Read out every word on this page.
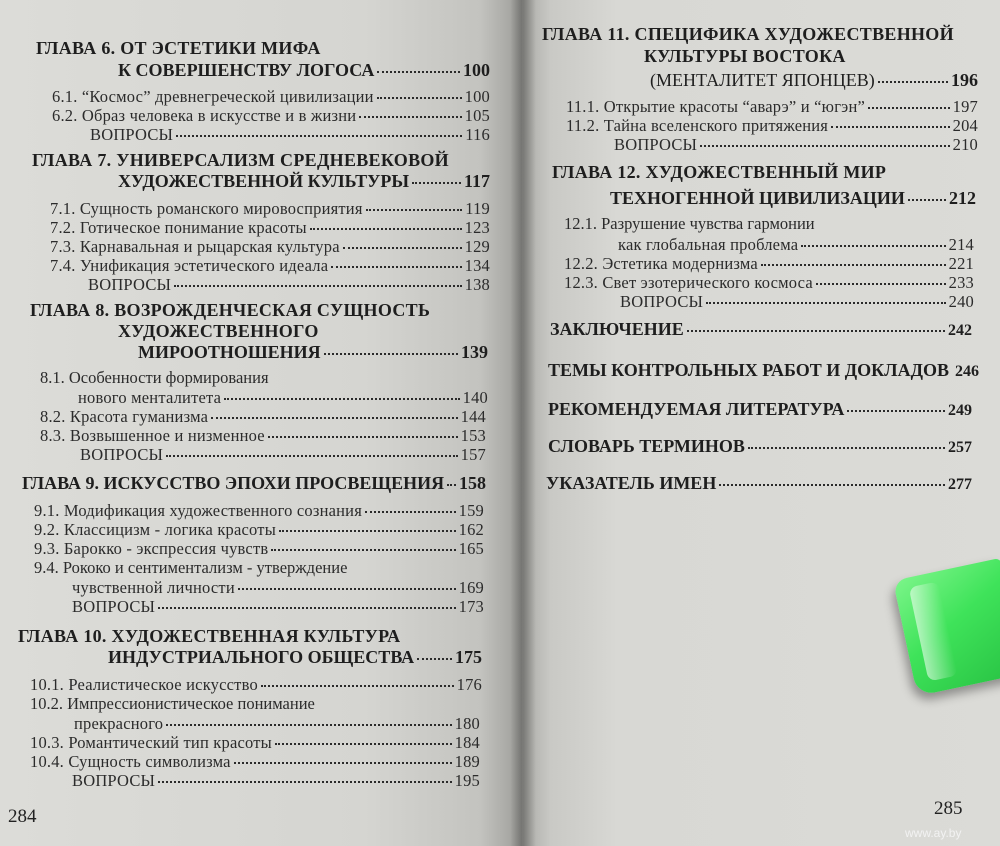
ГЛАВА 6. ОТ ЭСТЕТИКИ МИФА
К СОВЕРШЕНСТВУ ЛОГОСА	100
6.1. “Космос” древнегреческой цивилизации	100
6.2. Образ человека в искусстве и в жизни	105
ВОПРОСЫ	116
ГЛАВА 7. УНИВЕРСАЛИЗМ СРЕДНЕВЕКОВОЙ
ХУДОЖЕСТВЕННОЙ КУЛЬТУРЫ	117
7.1. Сущность романского мировосприятия	119
7.2. Готическое понимание красоты	123
7.3. Карнавальная и рыцарская культура	129
7.4. Унификация эстетического идеала	134
ВОПРОСЫ	138
ГЛАВА 8. ВОЗРОЖДЕНЧЕСКАЯ СУЩНОСТЬ
ХУДОЖЕСТВЕННОГО
МИРООТНОШЕНИЯ	139
8.1. Особенности формирования
нового менталитета	140
8.2. Красота гуманизма	144
8.3. Возвышенное и низменное	153
ВОПРОСЫ	157
ГЛАВА 9. ИСКУССТВО ЭПОХИ ПРОСВЕЩЕНИЯ 158
9.1. Модификация художественного сознания	159
9.2. Классицизм - логика красоты	162
9.3. Барокко - экспрессия чувств	165
9.4. Рококо и сентиментализм - утверждение
чувственной личности	169
ВОПРОСЫ	173
ГЛАВА 10. ХУДОЖЕСТВЕННАЯ КУЛЬТУРА
ИНДУСТРИАЛЬНОГО ОБЩЕСТВА 175
10.1. Реалистическое искусство	176
10.2. Импрессионистическое понимание
прекрасного	180
10.3. Романтический тип красоты	184
10.4. Сущность символизма	189
ВОПРОСЫ	195
284
ГЛАВА 11. СПЕЦИФИКА ХУДОЖЕСТВЕННОЙ
КУЛЬТУРЫ ВОСТОКА
(МЕНТАЛИТЕТ ЯПОНЦЕВ)	196
11.1. Открытие красоты “аварэ” и “югэн”	197
11.2. Тайна вселенского притяжения	204
ВОПРОСЫ	210
ГЛАВА 12. ХУДОЖЕСТВЕННЫЙ МИР
ТЕХНОГЕННОЙ ЦИВИЛИЗАЦИИ 212
12.1. Разрушение чувства гармонии
как глобальная проблема	214
12.2. Эстетика модернизма	221
12.3. Свет эзотерического космоса	233
ВОПРОСЫ	240
ЗАКЛЮЧЕНИЕ	242
ТЕМЫ КОНТРОЛЬНЫХ РАБОТ И ДОКЛАДОВ 246
РЕКОМЕНДУЕМАЯ ЛИТЕРАТУРА	249
СЛОВАРЬ ТЕРМИНОВ	257
УКАЗАТЕЛЬ ИМЕН	277
285
www.ay.by
